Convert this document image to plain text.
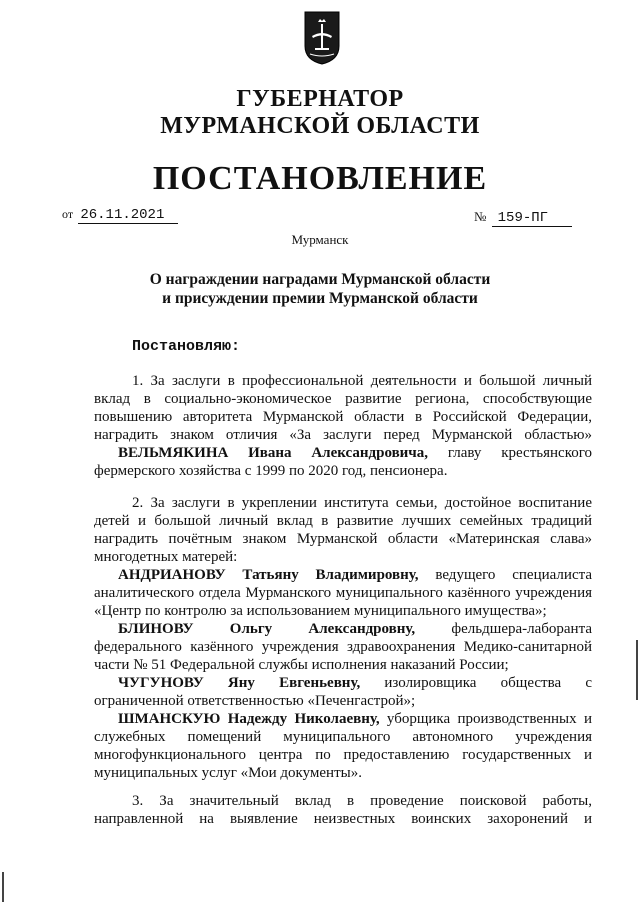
ГУБЕРНАТОР
МУРМАНСКОЙ ОБЛАСТИ
ПОСТАНОВЛЕНИЕ
от 26.11.2021	№ 159-ПГ
Мурманск
О награждении наградами Мурманской области
и присуждении премии Мурманской области
Постановляю:
1. За заслуги в профессиональной деятельности и большой личный
вклад в социально-экономическое развитие региона, способствующие
повышению авторитета Мурманской области в Российской Федерации,
наградить знаком отличия «За заслуги перед Мурманской областью»
ВЕЛЬМЯКИНА Ивана Александровича, главу крестьянского
фермерского хозяйства с 1999 по 2020 год, пенсионера.
2. За заслуги в укреплении института семьи, достойное воспитание
детей и большой личный вклад в развитие лучших семейных традиций
наградить почётным знаком Мурманской области «Материнская слава»
многодетных матерей:
АНДРИАНОВУ Татьяну Владимировну, ведущего специалиста
аналитического отдела Мурманского муниципального казённого учреждения
«Центр по контролю за использованием муниципального имущества»;
БЛИНОВУ Ольгу Александровну, фельдшера-лаборанта
федерального казённого учреждения здравоохранения Медико-санитарной
части № 51 Федеральной службы исполнения наказаний России;
ЧУГУНОВУ Яну Евгеньевну, изолировщика общества с
ограниченной ответственностью «Печенгастрой»;
ШМАНСКУЮ Надежду Николаевну, уборщика производственных и
служебных помещений муниципального автономного учреждения
многофункционального центра по предоставлению государственных и
муниципальных услуг «Мои документы».
3. За значительный вклад в проведение поисковой работы,
направленной на выявление неизвестных воинских захоронений и
